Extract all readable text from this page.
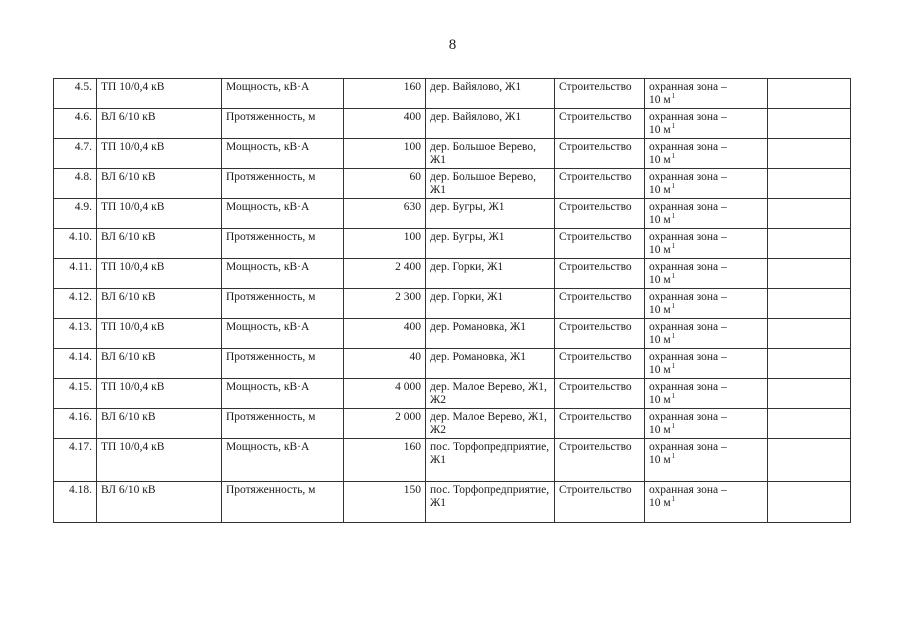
8
4.5.	ТП 10/0,4 кВ	Мощность, кВ·А	160	дер. Вайялово, Ж1	Строительство	охранная зона –
10 $м^1$	
4.6.	ВЛ 6/10 кВ	Протяженность, м	400	дер. Вайялово, Ж1	Строительство	охранная зона –
10 $м^1$	
4.7.	ТП 10/0,4 кВ	Мощность, кВ·А	100	дер. Большое Верево, Ж1	Строительство	охранная зона –
10 $м^1$	
4.8.	ВЛ 6/10 кВ	Протяженность, м	60	дер. Большое Верево, Ж1	Строительство	охранная зона –
10 $м^1$	
4.9.	ТП 10/0,4 кВ	Мощность, кВ·А	630	дер. Бугры, Ж1	Строительство	охранная зона –
10 $м^1$	
4.10.	ВЛ 6/10 кВ	Протяженность, м	100	дер. Бугры, Ж1	Строительство	охранная зона –
10 $м^1$	
4.11.	ТП 10/0,4 кВ	Мощность, кВ·А	2 400	дер. Горки, Ж1	Строительство	охранная зона –
10 $м^1$	
4.12.	ВЛ 6/10 кВ	Протяженность, м	2 300	дер. Горки, Ж1	Строительство	охранная зона –
10 $м^1$	
4.13.	ТП 10/0,4 кВ	Мощность, кВ·А	400	дер. Романовка, Ж1	Строительство	охранная зона –
10 $м^1$	
4.14.	ВЛ 6/10 кВ	Протяженность, м	40	дер. Романовка, Ж1	Строительство	охранная зона –
10 $м^1$	
4.15.	ТП 10/0,4 кВ	Мощность, кВ·А	4 000	дер. Малое Верево, Ж1, Ж2	Строительство	охранная зона –
10 $м^1$	
4.16.	ВЛ 6/10 кВ	Протяженность, м	2 000	дер. Малое Верево, Ж1, Ж2	Строительство	охранная зона –
10 $м^1$	
4.17.	ТП 10/0,4 кВ	Мощность, кВ·А	160	пос. Торфопредприятие, Ж1	Строительство	охранная зона –
10 $м^1$	
4.18.	ВЛ 6/10 кВ	Протяженность, м	150	пос. Торфопредприятие, Ж1	Строительство	охранная зона –
10 $м^1$	
